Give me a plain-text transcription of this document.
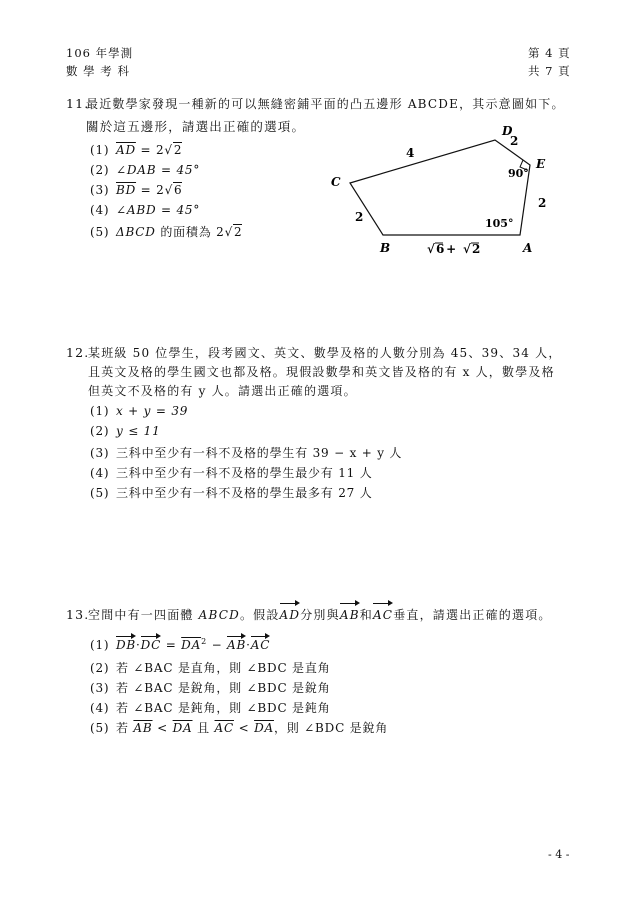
106 年學測
數 學 考 科
第 4 頁
共 7 頁
11.
最近數學家發現一種新的可以無縫密鋪平面的凸五邊形 ABCDE，其示意圖如下。
關於這五邊形，請選出正確的選項。
(1) $\overline{AD} = 2√2$
(2) ∠DAB = 45°
(3) $\overline{BD} = 2√6$
(4) ∠ABD = 45°
(5) ΔBCD 的面積為 2√2
C
D
E
A
B
4
2
2
2
90°
105°
√ 6
+ √ 2
12.
某班級 50 位學生，段考國文、英文、數學及格的人數分別為 45、39、34 人，
且英文及格的學生國文也都及格。現假設數學和英文皆及格的有 x 人，數學及格
但英文不及格的有 y 人。請選出正確的選項。
(1) x + y = 39
(2) y ≤ 11
(3) 三科中至少有一科不及格的學生有 39 − x + y 人
(4) 三科中至少有一科不及格的學生最少有 11 人
(5) 三科中至少有一科不及格的學生最多有 27 人
13.
空間中有一四面體 ABCD。假設AD分別與AB和AC垂直，請選出正確的選項。
(1) $DB\cdot DC = \overline{DA}^2 - AB\cdot AC$
(2) 若 ∠BAC 是直角，則 ∠BDC 是直角
(3) 若 ∠BAC 是銳角，則 ∠BDC 是銳角
(4) 若 ∠BAC 是鈍角，則 ∠BDC 是鈍角
(5) 若 $\overline{AB} < \overline{DA}$ 且 $\overline{AC} < \overline{DA}$，則 ∠BDC 是銳角
- 4 -
